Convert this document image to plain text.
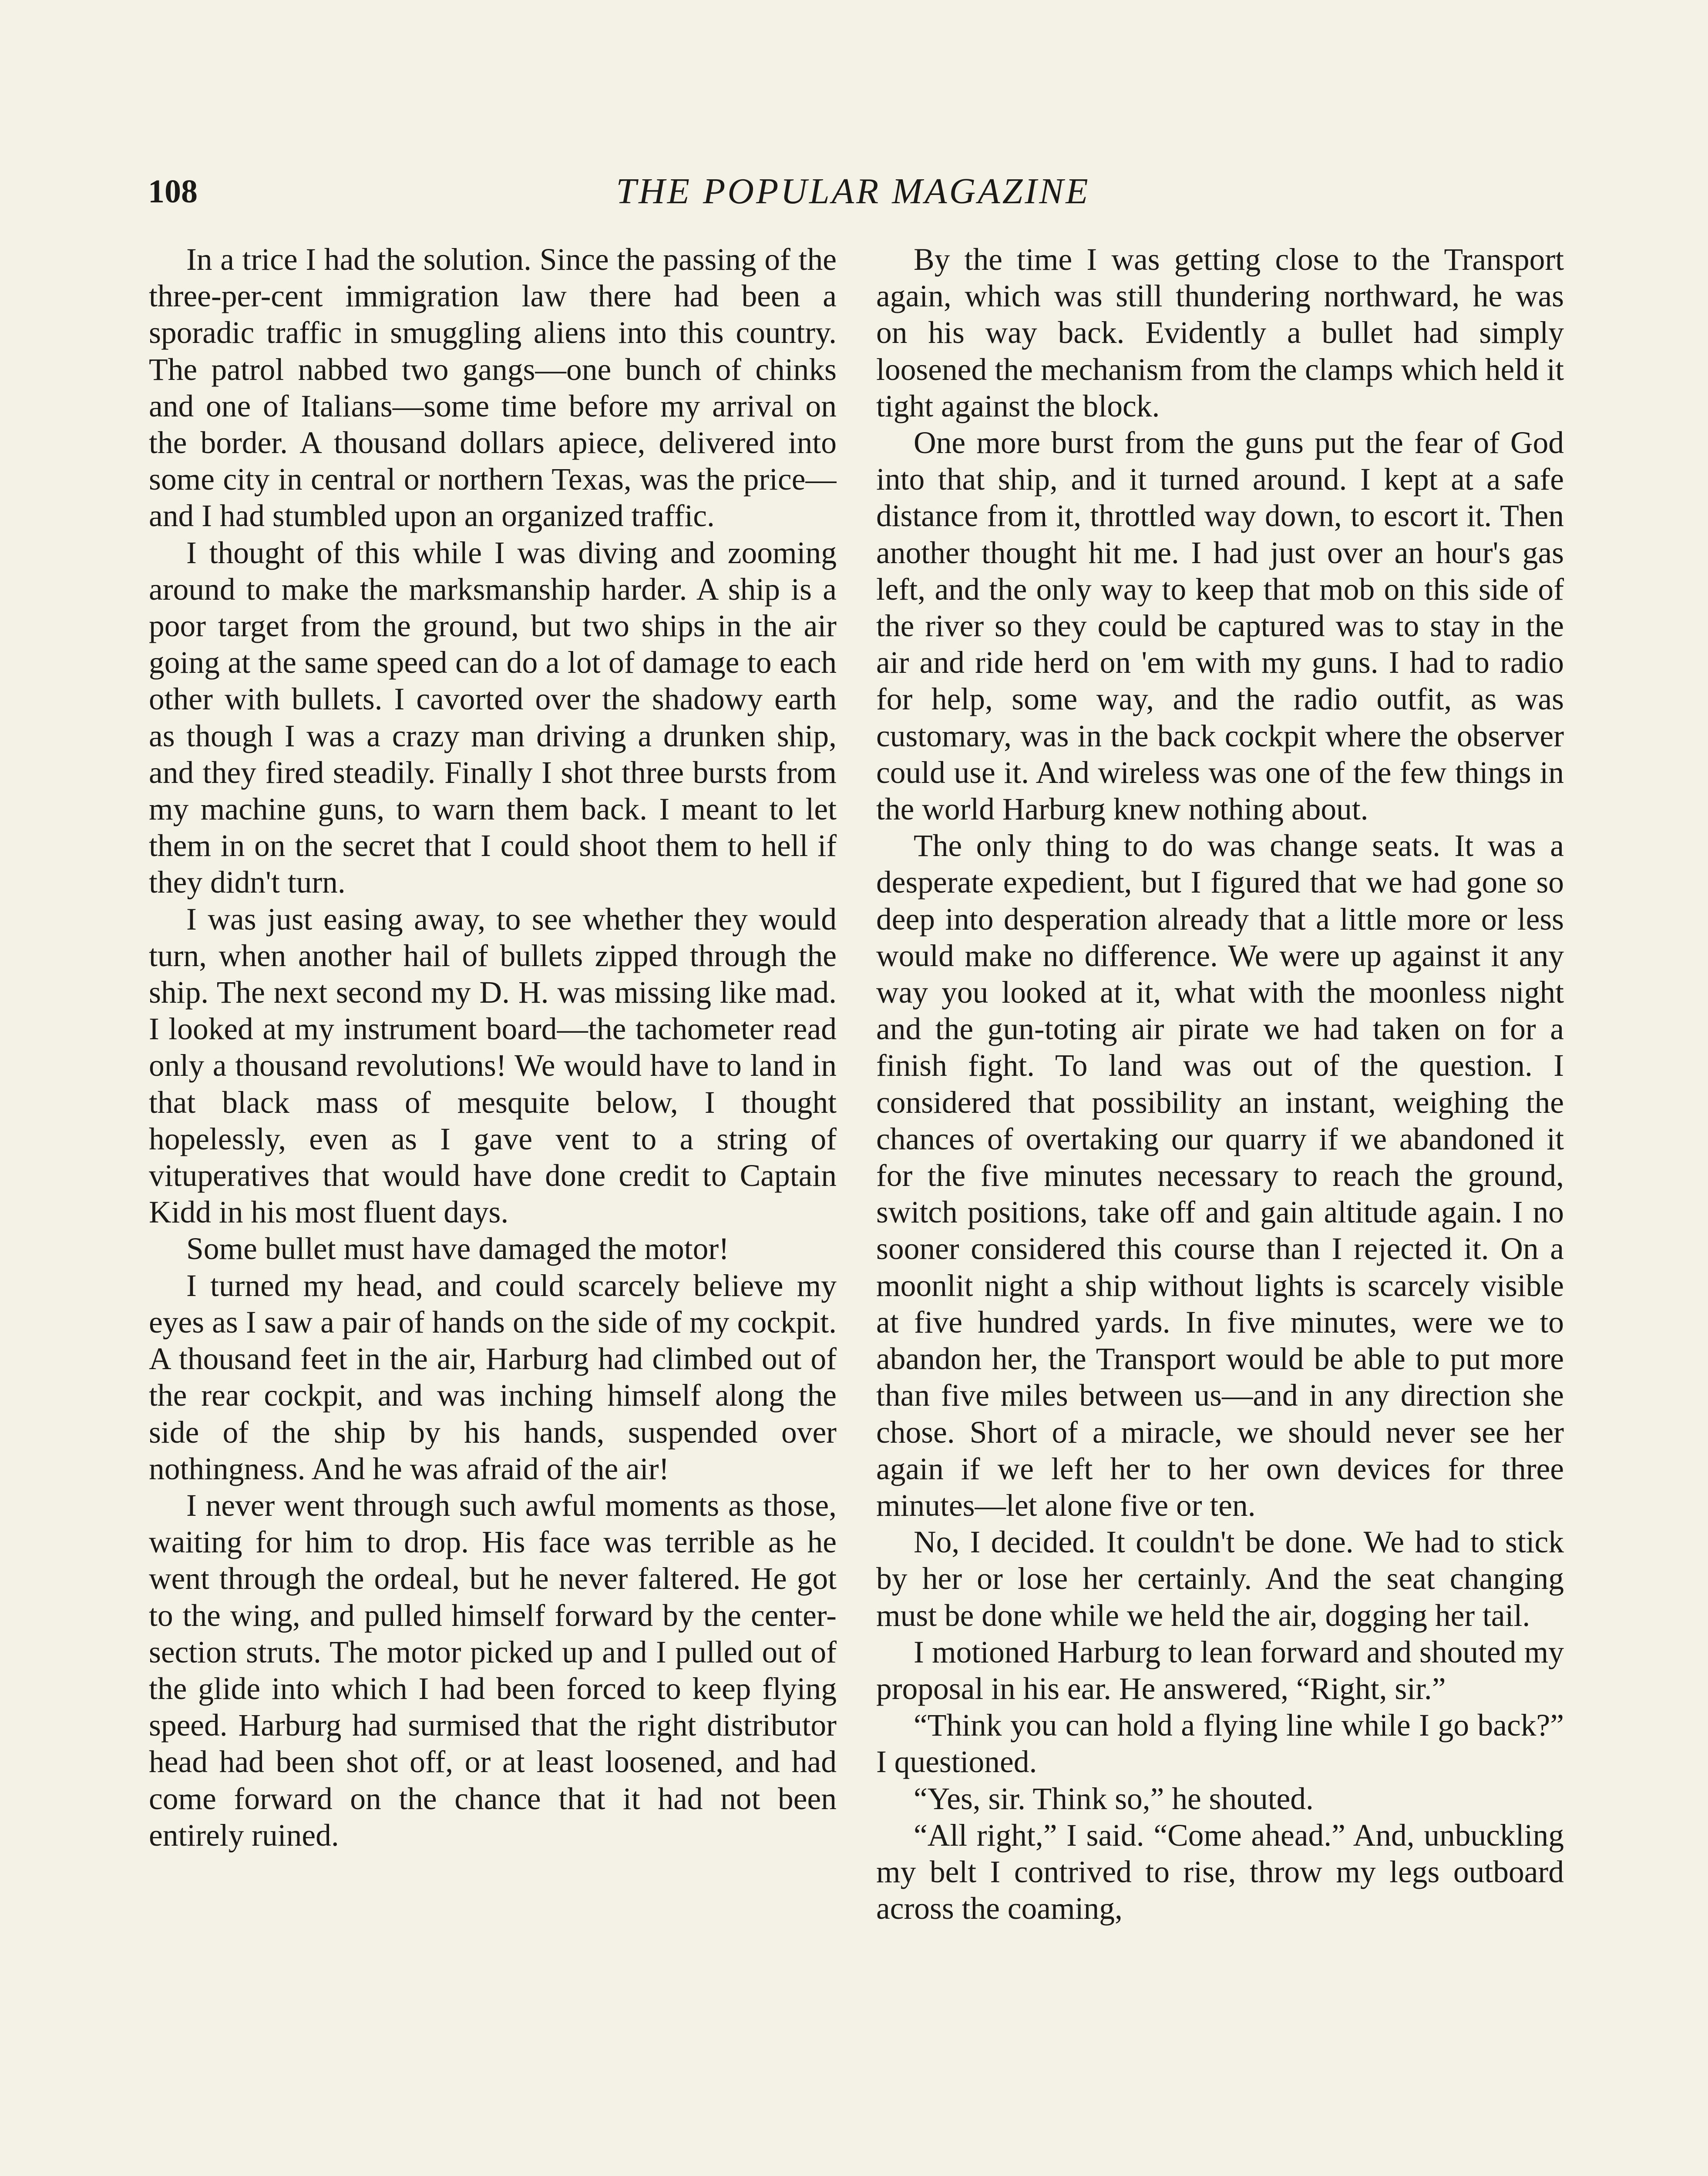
108	THE POPULAR MAGAZINE

In a trice I had the solution. Since the passing of the three-per-cent immigration law there had been a sporadic traffic in smuggling aliens into this country. The patrol nabbed two gangs—one bunch of chinks and one of Italians—some time before my arrival on the border. A thousand dollars apiece, delivered into some city in central or northern Texas, was the price—and I had stumbled upon an organized traffic.

I thought of this while I was diving and zooming around to make the marksmanship harder. A ship is a poor target from the ground, but two ships in the air going at the same speed can do a lot of damage to each other with bullets. I cavorted over the shadowy earth as though I was a crazy man driving a drunken ship, and they fired steadily. Finally I shot three bursts from my machine guns, to warn them back. I meant to let them in on the secret that I could shoot them to hell if they didn't turn.

I was just easing away, to see whether they would turn, when another hail of bullets zipped through the ship. The next second my D. H. was missing like mad. I looked at my instrument board—the tachometer read only a thousand revolutions! We would have to land in that black mass of mesquite below, I thought hopelessly, even as I gave vent to a string of vituperatives that would have done credit to Captain Kidd in his most fluent days.

Some bullet must have damaged the motor!

I turned my head, and could scarcely believe my eyes as I saw a pair of hands on the side of my cockpit. A thousand feet in the air, Harburg had climbed out of the rear cockpit, and was inching himself along the side of the ship by his hands, suspended over nothingness. And he was afraid of the air!

I never went through such awful moments as those, waiting for him to drop. His face was terrible as he went through the ordeal, but he never faltered. He got to the wing, and pulled himself forward by the center-section struts. The motor picked up and I pulled out of the glide into which I had been forced to keep flying speed. Harburg had surmised that the right distributor head had been shot off, or at least loosened, and had come forward on the chance that it had not been entirely ruined.

By the time I was getting close to the Transport again, which was still thundering northward, he was on his way back. Evidently a bullet had simply loosened the mechanism from the clamps which held it tight against the block.

One more burst from the guns put the fear of God into that ship, and it turned around. I kept at a safe distance from it, throttled way down, to escort it. Then another thought hit me. I had just over an hour's gas left, and the only way to keep that mob on this side of the river so they could be captured was to stay in the air and ride herd on 'em with my guns. I had to radio for help, some way, and the radio outfit, as was customary, was in the back cockpit where the observer could use it. And wireless was one of the few things in the world Harburg knew nothing about.

The only thing to do was change seats. It was a desperate expedient, but I figured that we had gone so deep into desperation already that a little more or less would make no difference. We were up against it any way you looked at it, what with the moonless night and the gun-toting air pirate we had taken on for a finish fight. To land was out of the question. I considered that possibility an instant, weighing the chances of overtaking our quarry if we abandoned it for the five minutes necessary to reach the ground, switch positions, take off and gain altitude again. I no sooner considered this course than I rejected it. On a moonlit night a ship without lights is scarcely visible at five hundred yards. In five minutes, were we to abandon her, the Transport would be able to put more than five miles between us—and in any direction she chose. Short of a miracle, we should never see her again if we left her to her own devices for three minutes—let alone five or ten.

No, I decided. It couldn't be done. We had to stick by her or lose her certainly. And the seat changing must be done while we held the air, dogging her tail.

I motioned Harburg to lean forward and shouted my proposal in his ear. He answered, “Right, sir.”

“Think you can hold a flying line while I go back?” I questioned.

“Yes, sir. Think so,” he shouted.

“All right,” I said. “Come ahead.” And, unbuckling my belt I contrived to rise, throw my legs outboard across the coaming,
